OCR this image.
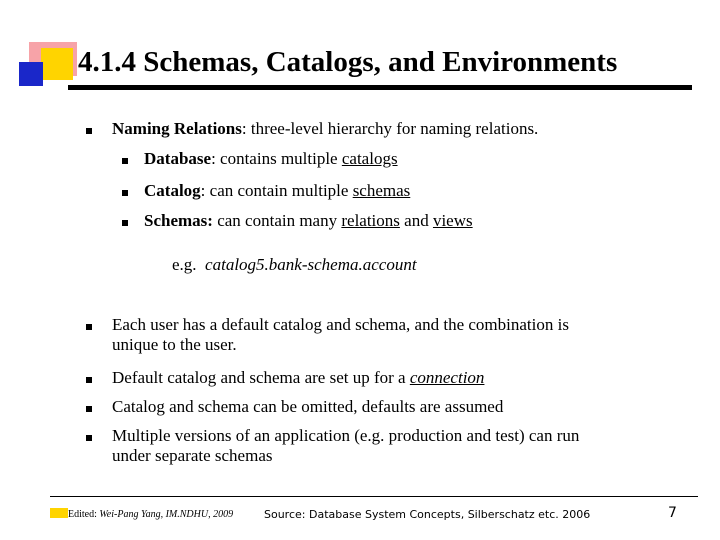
4.1.4 Schemas, Catalogs, and Environments
Naming Relations: three-level hierarchy for naming relations.
Database: contains multiple catalogs
Catalog: can contain multiple schemas
Schemas: can contain many relations and views
e.g. catalog5.bank-schema.account
Each user has a default catalog and schema, and the combination is
unique to the user.
Default catalog and schema are set up for a connection
Catalog and schema can be omitted, defaults are assumed
Multiple versions of an application (e.g. production and test) can run
under separate schemas
Edited: Wei-Pang Yang, IM.NDHU, 2009	Source: Database System Concepts, Silberschatz etc. 2006	7
